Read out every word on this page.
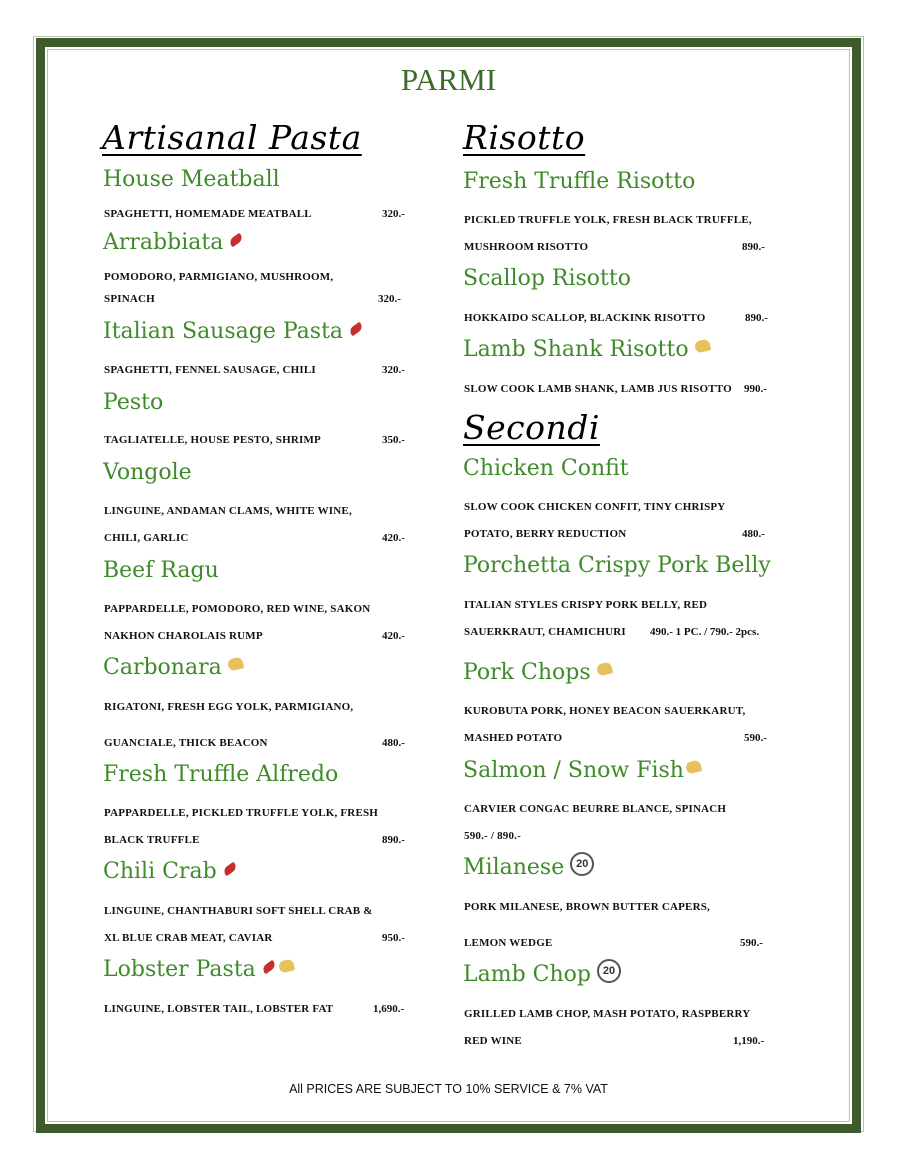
PARMI
Artisanal Pasta
House Meatball
SPAGHETTI, HOMEMADE MEATBALL	320.-
Arrabbiata
POMODORO, PARMIGIANO, MUSHROOM,
SPINACH	320.-
Italian Sausage Pasta
SPAGHETTI, FENNEL SAUSAGE, CHILI	320.-
Pesto
TAGLIATELLE, HOUSE PESTO, SHRIMP	350.-
Vongole
LINGUINE, ANDAMAN CLAMS, WHITE WINE,
CHILI, GARLIC	420.-
Beef Ragu
PAPPARDELLE, POMODORO, RED WINE, SAKON
NAKHON CHAROLAIS RUMP	420.-
Carbonara
RIGATONI, FRESH EGG YOLK, PARMIGIANO,
GUANCIALE, THICK BEACON	480.-
Fresh Truffle Alfredo
PAPPARDELLE, PICKLED TRUFFLE YOLK, FRESH
BLACK TRUFFLE	890.-
Chili Crab
LINGUINE, CHANTHABURI SOFT SHELL CRAB &
XL BLUE CRAB MEAT, CAVIAR	950.-
Lobster Pasta
LINGUINE, LOBSTER TAIL, LOBSTER FAT	1,690.-
Risotto
Fresh Truffle Risotto
PICKLED TRUFFLE YOLK, FRESH BLACK TRUFFLE,
MUSHROOM RISOTTO	890.-
Scallop Risotto
HOKKAIDO SCALLOP, BLACKINK RISOTTO	890.-
Lamb Shank Risotto
SLOW COOK LAMB SHANK, LAMB JUS RISOTTO 990.-
Secondi
Chicken Confit
SLOW COOK CHICKEN CONFIT, TINY CHRISPY
POTATO, BERRY REDUCTION	480.-
Porchetta Crispy Pork Belly
ITALIAN STYLES CRISPY PORK BELLY, RED
SAUERKRAUT, CHAMICHURI 490.- 1 PC. / 790.- 2pcs.
Pork Chops
KUROBUTA PORK, HONEY BEACON SAUERKARUT,
MASHED POTATO	590.-
Salmon / Snow Fish
CARVIER CONGAC BEURRE BLANCE, SPINACH
590.- / 890.-
Milanese 20
PORK MILANESE, BROWN BUTTER CAPERS,
LEMON WEDGE	590.-
Lamb Chop 20
GRILLED LAMB CHOP, MASH POTATO, RASPBERRY
RED WINE	1,190.-
All PRICES ARE SUBJECT TO 10% SERVICE & 7% VAT
